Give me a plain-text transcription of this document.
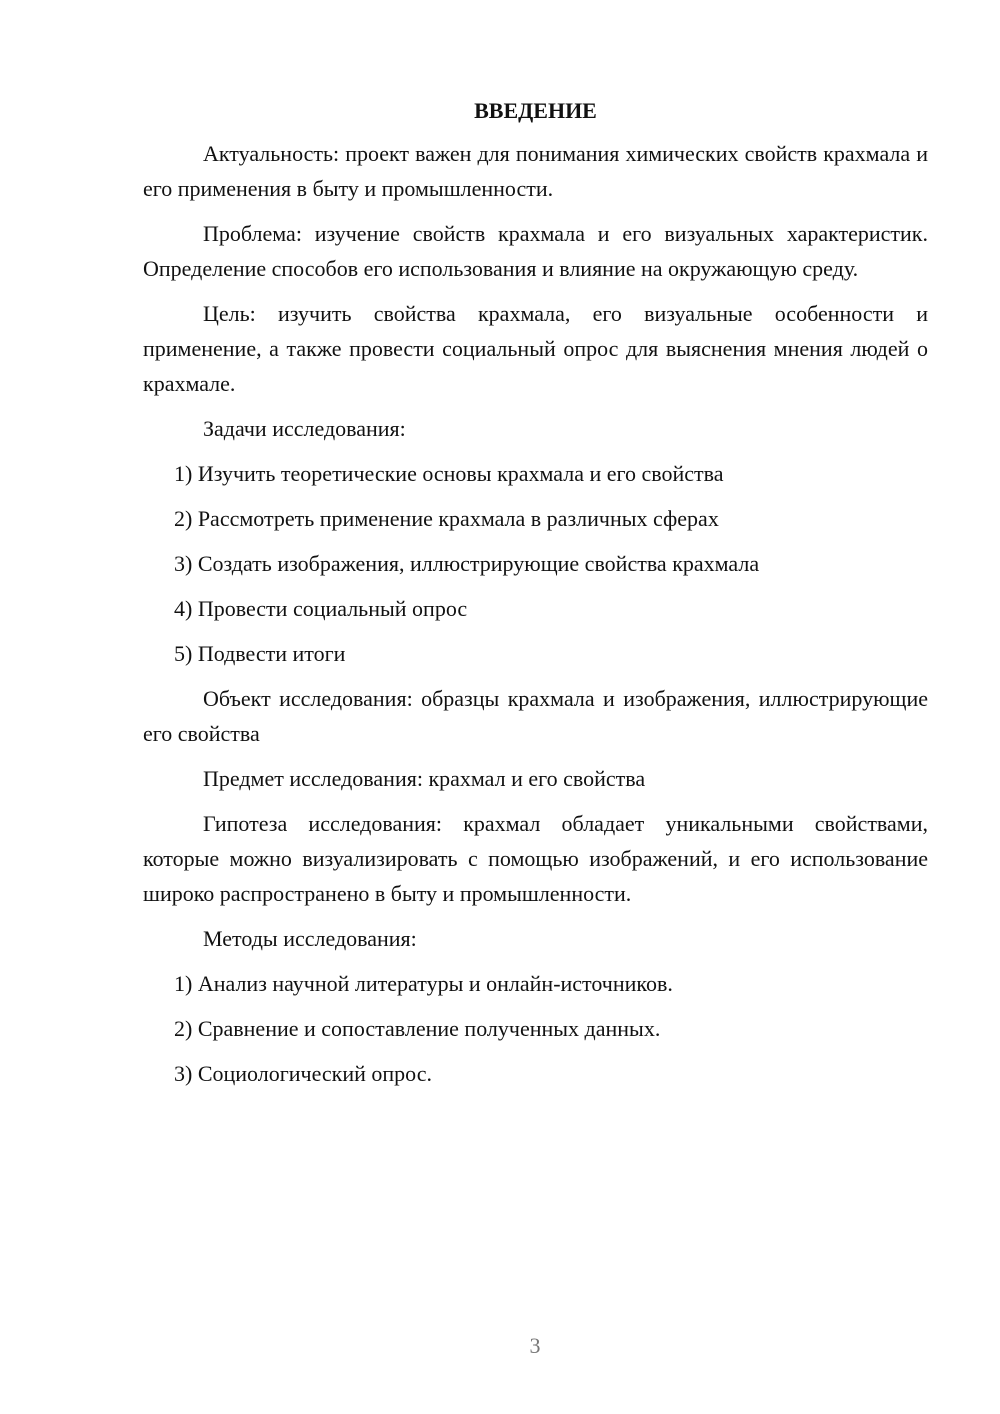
ВВЕДЕНИЕ

Актуальность: проект важен для понимания химических свойств крахмала и его применения в быту и промышленности.

Проблема: изучение свойств крахмала и его визуальных характеристик. Определение способов его использования и влияние на окружающую среду.

Цель: изучить свойства крахмала, его визуальные особенности и применение, а также провести социальный опрос для выяснения мнения людей о крахмале.

Задачи исследования:

1) Изучить теоретические основы крахмала и его свойства
2) Рассмотреть применение крахмала в различных сферах
3) Создать изображения, иллюстрирующие свойства крахмала
4) Провести социальный опрос
5) Подвести итоги

Объект исследования: образцы крахмала и изображения, иллюстрирующие его свойства

Предмет исследования: крахмал и его свойства

Гипотеза исследования: крахмал обладает уникальными свойствами, которые можно визуализировать с помощью изображений, и его использование широко распространено в быту и промышленности.

Методы исследования:

1) Анализ научной литературы и онлайн-источников.
2) Сравнение и сопоставление полученных данных.
3) Социологический опрос.
3
